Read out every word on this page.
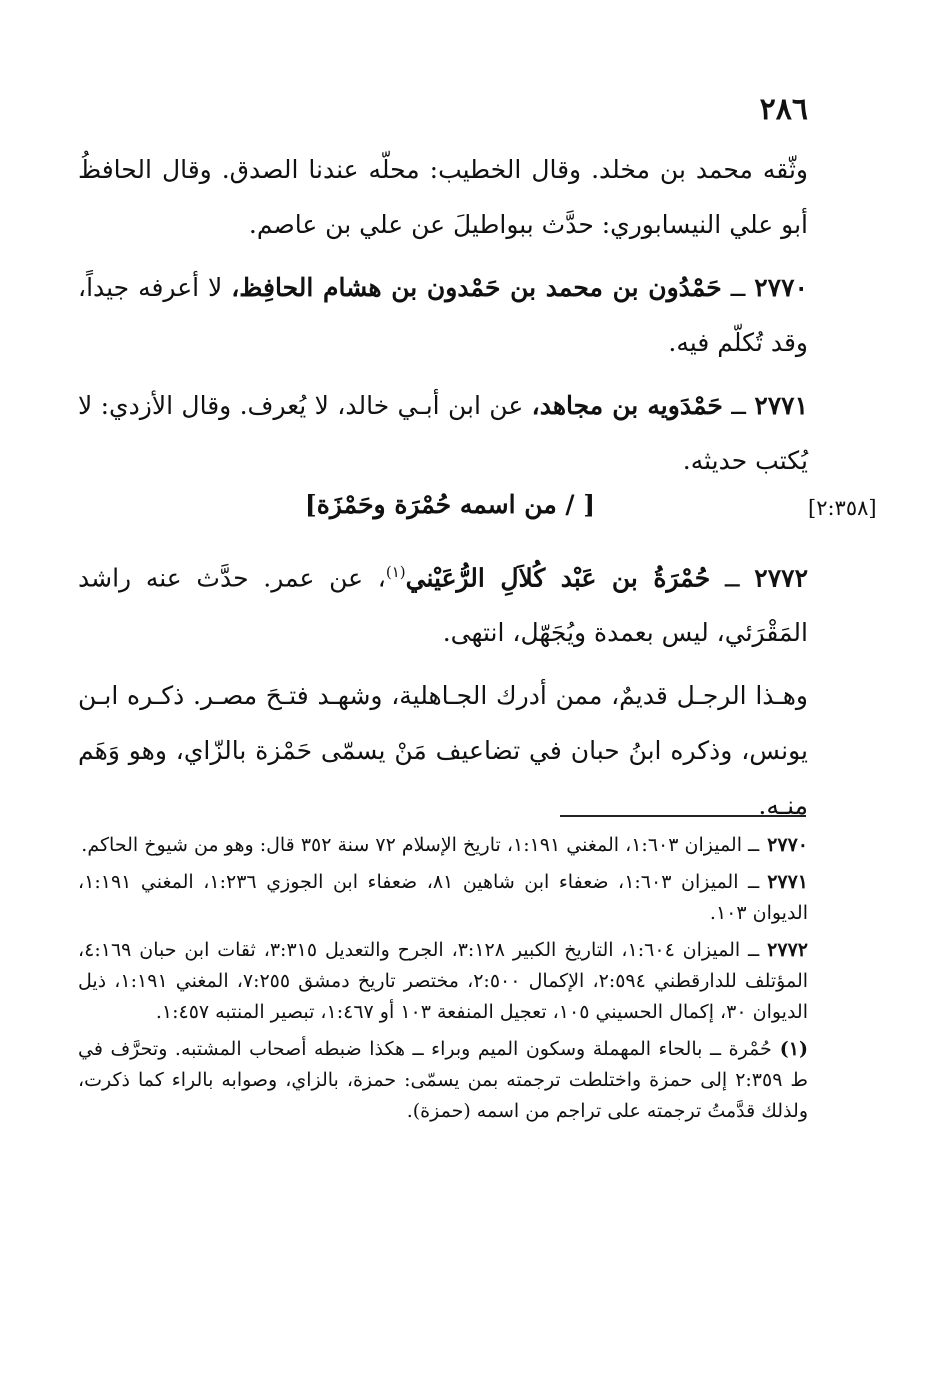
٢٨٦

وثّقه محمد بن مخلد. وقال الخطيب: محلّه عندنا الصدق. وقال الحافظُ أبو علي النيسابوري: حدَّث ببواطيلَ عن علي بن عاصم.

٢٧٧٠ ــ حَمْدُون بن محمد بن حَمْدون بن هشام الحافِظ، لا أعرفه جيداً، وقد تُكلّم فيه.

٢٧٧١ ــ حَمْدَويه بن مجاهد، عن ابن أبـي خالد، لا يُعرف. وقال الأزدي: لا يُكتب حديثه.

[٢:٣٥٨]
[ / من اسمه حُمْرَة وحَمْزَة]

٢٧٧٢ ــ حُمْرَةُ بن عَبْد كُلاَلِ الرُّعَيْني$^{(١)}$، عن عمر. حدَّث عنه راشد المَقْرَئي، ليس بعمدة ويُجَهّل، انتهى.

وهـذا الرجـل قديمٌ، ممن أدرك الجـاهلية، وشهـد فتـحَ مصـر. ذكـره ابـن يونس، وذكره ابنُ حبان في تضاعيف مَنْ يسمّى حَمْزة بالزّاي، وهو وَهَم منـه.

٢٧٧٠ــ الميزان ١:٦٠٣، المغني ١:١٩١، تاريخ الإسلام ٧٢ سنة ٣٥٢ قال: وهو من شيوخ الحاكم.
٢٧٧١ــ الميزان ١:٦٠٣، ضعفاء ابن شاهين ٨١، ضعفاء ابن الجوزي ١:٢٣٦، المغني ١:١٩١، الديوان ١٠٣.
٢٧٧٢ــ الميزان ١:٦٠٤، التاريخ الكبير ٣:١٢٨، الجرح والتعديل ٣:٣١٥، ثقات ابن حبان ٤:١٦٩، المؤتلف للدارقطني ٢:٥٩٤، الإكمال ٢:٥٠٠، مختصر تاريخ دمشق ٧:٢٥٥، المغني ١:١٩١، ذيل الديوان ٣٠، إكمال الحسيني ١٠٥، تعجيل المنفعة ١٠٣ أو ١:٤٦٧، تبصير المنتبه ١:٤٥٧.
(١)حُمْرة ــ بالحاء المهملة وسكون الميم وبراء ــ هكذا ضبطه أصحاب المشتبه. وتحرَّف في ط ٢:٣٥٩ إلى حمزة واختلطت ترجمته بمن يسمّى: حمزة، بالزاي، وصوابه بالراء كما ذكرت، ولذلك قدَّمتُ ترجمته على تراجم من اسمه (حمزة).
